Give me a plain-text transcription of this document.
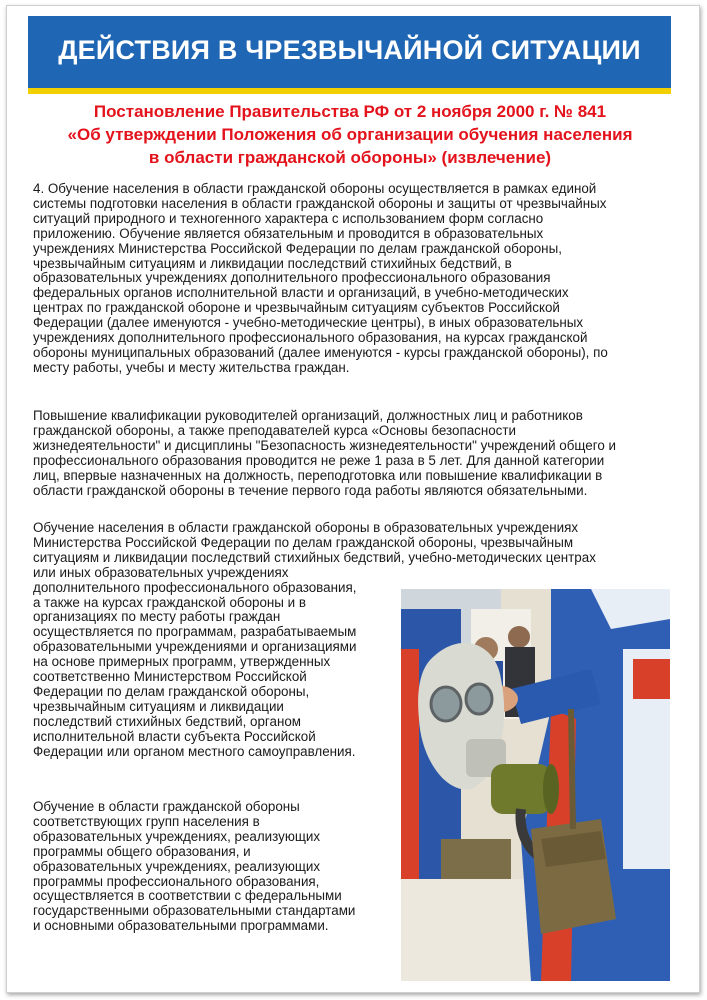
ДЕЙСТВИЯ В ЧРЕЗВЫЧАЙНОЙ СИТУАЦИИ
Постановление Правительства РФ от 2 ноября 2000 г. № 841
«Об утверждении Положения об организации обучения населения
в области гражданской обороны» (извлечение)
4. Обучение населения в области гражданской обороны осуществляется в рамках единой
системы подготовки населения в области гражданской обороны и защиты от чрезвычайных
ситуаций природного и техногенного характера с использованием форм согласно
приложению. Обучение является обязательным и проводится в образовательных
учреждениях Министерства Российской Федерации по делам гражданской обороны,
чрезвычайным ситуациям и ликвидации последствий стихийных бедствий, в
образовательных учреждениях дополнительного профессионального образования
федеральных органов исполнительной власти и организаций, в учебно-методических
центрах по гражданской обороне и чрезвычайным ситуациям субъектов Российской
Федерации (далее именуются - учебно-методические центры), в иных образовательных
учреждениях дополнительного профессионального образования, на курсах гражданской
обороны муниципальных образований (далее именуются - курсы гражданской обороны), по
месту работы, учебы и месту жительства граждан.
Повышение квалификации руководителей организаций, должностных лиц и работников
гражданской обороны, а также преподавателей курса «Основы безопасности
жизнедеятельности" и дисциплины "Безопасность жизнедеятельности" учреждений общего и
профессионального образования проводится не реже 1 раза в 5 лет. Для данной категории
лиц, впервые назначенных на должность, переподготовка или повышение квалификации в
области гражданской обороны в течение первого года работы являются обязательными.
Обучение населения в области гражданской обороны в образовательных учреждениях
Министерства Российской Федерации по делам гражданской обороны, чрезвычайным
ситуациям и ликвидации последствий стихийных бедствий, учебно-методических центрах
или иных образовательных учреждениях
дополнительного профессионального образования,
а также на курсах гражданской обороны и в
организациях по месту работы граждан
осуществляется по программам, разрабатываемым
образовательными учреждениями и организациями
на основе примерных программ, утвержденных
соответственно Министерством Российской
Федерации по делам гражданской обороны,
чрезвычайным ситуациям и ликвидации
последствий стихийных бедствий, органом
исполнительной власти субъекта Российской
Федерации или органом местного самоуправления.
Обучение в области гражданской обороны
соответствующих групп населения в
образовательных учреждениях, реализующих
программы общего образования, и
образовательных учреждениях, реализующих
программы профессионального образования,
осуществляется в соответствии с федеральными
государственными образовательными стандартами
и основными образовательными программами.
